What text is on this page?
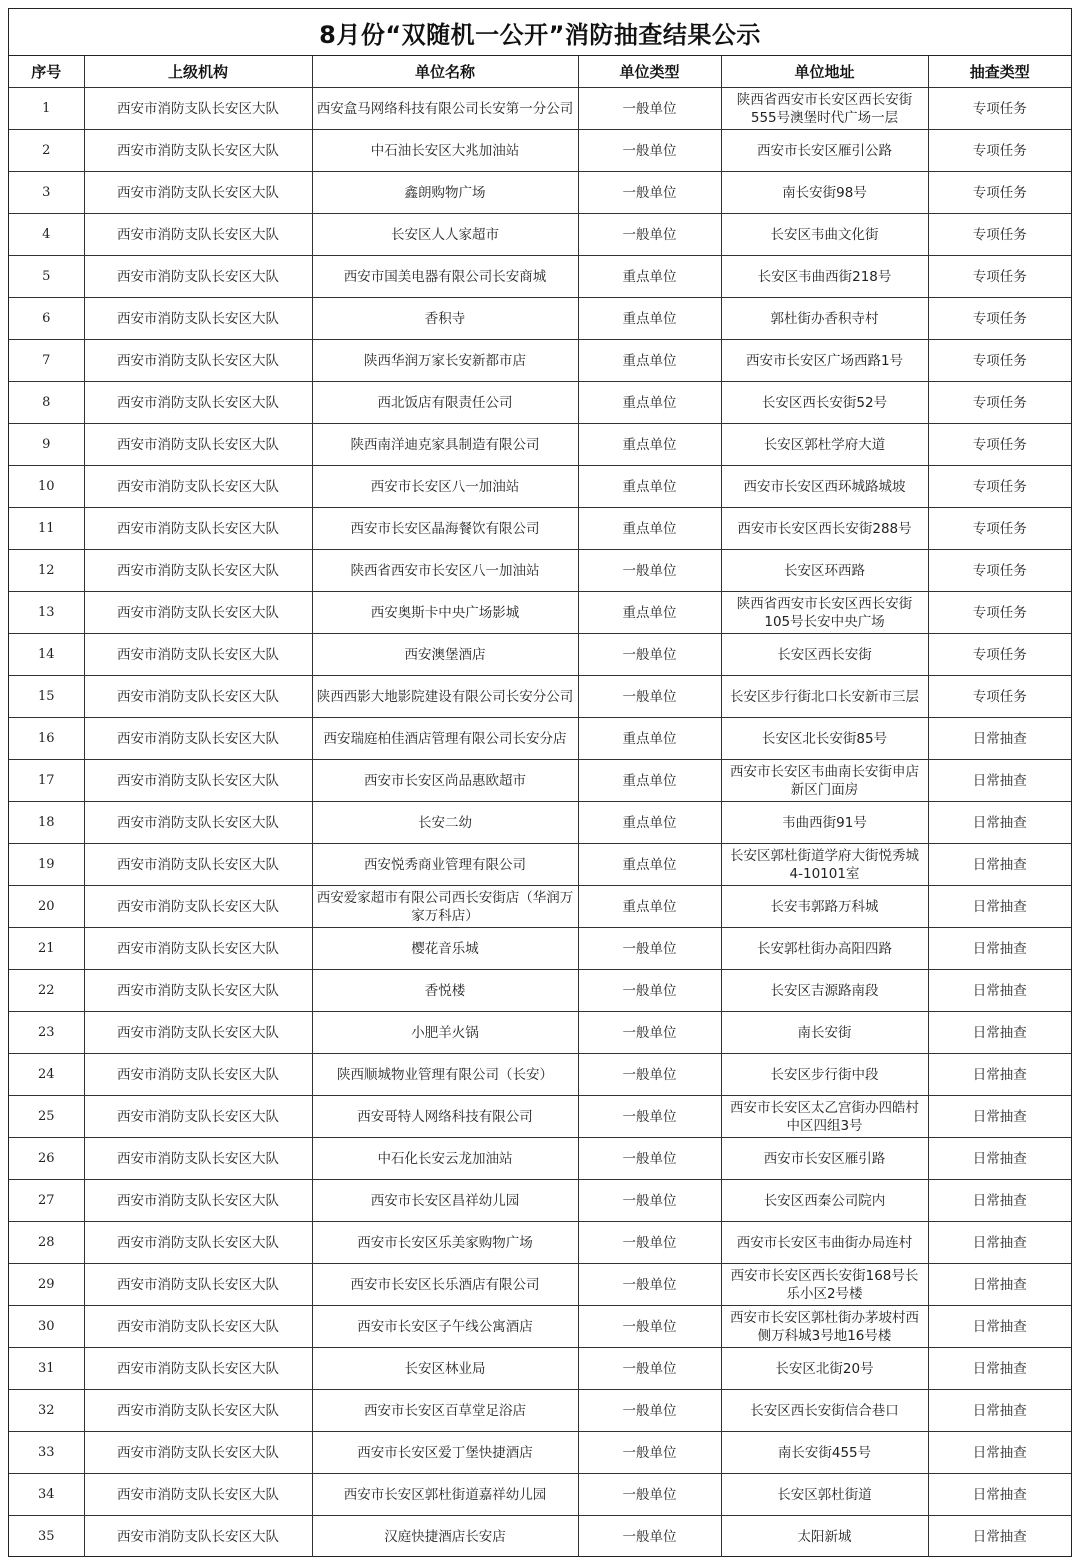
8月份“双随机一公开”消防抽查结果公示
序号	上级机构	单位名称	单位类型	单位地址	抽查类型
1	西安市消防支队长安区大队	西安盒马网络科技有限公司长安第一分公司	一般单位	陕西省西安市长安区西长安街555号澳堡时代广场一层	专项任务
2	西安市消防支队长安区大队	中石油长安区大兆加油站	一般单位	西安市长安区雁引公路	专项任务
3	西安市消防支队长安区大队	鑫朗购物广场	一般单位	南长安街98号	专项任务
4	西安市消防支队长安区大队	长安区人人家超市	一般单位	长安区韦曲文化街	专项任务
5	西安市消防支队长安区大队	西安市国美电器有限公司长安商城	重点单位	长安区韦曲西街218号	专项任务
6	西安市消防支队长安区大队	香积寺	重点单位	郭杜街办香积寺村	专项任务
7	西安市消防支队长安区大队	陕西华润万家长安新都市店	重点单位	西安市长安区广场西路1号	专项任务
8	西安市消防支队长安区大队	西北饭店有限责任公司	重点单位	长安区西长安街52号	专项任务
9	西安市消防支队长安区大队	陕西南洋迪克家具制造有限公司	重点单位	长安区郭杜学府大道	专项任务
10	西安市消防支队长安区大队	西安市长安区八一加油站	重点单位	西安市长安区西环城路城坡	专项任务
11	西安市消防支队长安区大队	西安市长安区晶海餐饮有限公司	重点单位	西安市长安区西长安街288号	专项任务
12	西安市消防支队长安区大队	陕西省西安市长安区八一加油站	一般单位	长安区环西路	专项任务
13	西安市消防支队长安区大队	西安奥斯卡中央广场影城	重点单位	陕西省西安市长安区西长安街105号长安中央广场	专项任务
14	西安市消防支队长安区大队	西安澳堡酒店	一般单位	长安区西长安街	专项任务
15	西安市消防支队长安区大队	陕西西影大地影院建设有限公司长安分公司	一般单位	长安区步行街北口长安新市三层	专项任务
16	西安市消防支队长安区大队	西安瑞庭柏佳酒店管理有限公司长安分店	重点单位	长安区北长安街85号	日常抽查
17	西安市消防支队长安区大队	西安市长安区尚品惠欧超市	重点单位	西安市长安区韦曲南长安街申店新区门面房	日常抽查
18	西安市消防支队长安区大队	长安二幼	重点单位	韦曲西街91号	日常抽查
19	西安市消防支队长安区大队	西安悦秀商业管理有限公司	重点单位	长安区郭杜街道学府大街悦秀城4-10101室	日常抽查
20	西安市消防支队长安区大队	西安爱家超市有限公司西长安街店（华润万家万科店）	重点单位	长安韦郭路万科城	日常抽查
21	西安市消防支队长安区大队	樱花音乐城	一般单位	长安郭杜街办高阳四路	日常抽查
22	西安市消防支队长安区大队	香悦楼	一般单位	长安区吉源路南段	日常抽查
23	西安市消防支队长安区大队	小肥羊火锅	一般单位	南长安街	日常抽查
24	西安市消防支队长安区大队	陕西顺城物业管理有限公司（长安）	一般单位	长安区步行街中段	日常抽查
25	西安市消防支队长安区大队	西安哥特人网络科技有限公司	一般单位	西安市长安区太乙宫街办四皓村中区四组3号	日常抽查
26	西安市消防支队长安区大队	中石化长安云龙加油站	一般单位	西安市长安区雁引路	日常抽查
27	西安市消防支队长安区大队	西安市长安区昌祥幼儿园	一般单位	长安区西秦公司院内	日常抽查
28	西安市消防支队长安区大队	西安市长安区乐美家购物广场	一般单位	西安市长安区韦曲街办局连村	日常抽查
29	西安市消防支队长安区大队	西安市长安区长乐酒店有限公司	一般单位	西安市长安区西长安街168号长乐小区2号楼	日常抽查
30	西安市消防支队长安区大队	西安市长安区子午线公寓酒店	一般单位	西安市长安区郭杜街办茅坡村西侧万科城3号地16号楼	日常抽查
31	西安市消防支队长安区大队	长安区林业局	一般单位	长安区北街20号	日常抽查
32	西安市消防支队长安区大队	西安市长安区百草堂足浴店	一般单位	长安区西长安街信合巷口	日常抽查
33	西安市消防支队长安区大队	西安市长安区爱丁堡快捷酒店	一般单位	南长安街455号	日常抽查
34	西安市消防支队长安区大队	西安市长安区郭杜街道嘉祥幼儿园	一般单位	长安区郭杜街道	日常抽查
35	西安市消防支队长安区大队	汉庭快捷酒店长安店	一般单位	太阳新城	日常抽查
